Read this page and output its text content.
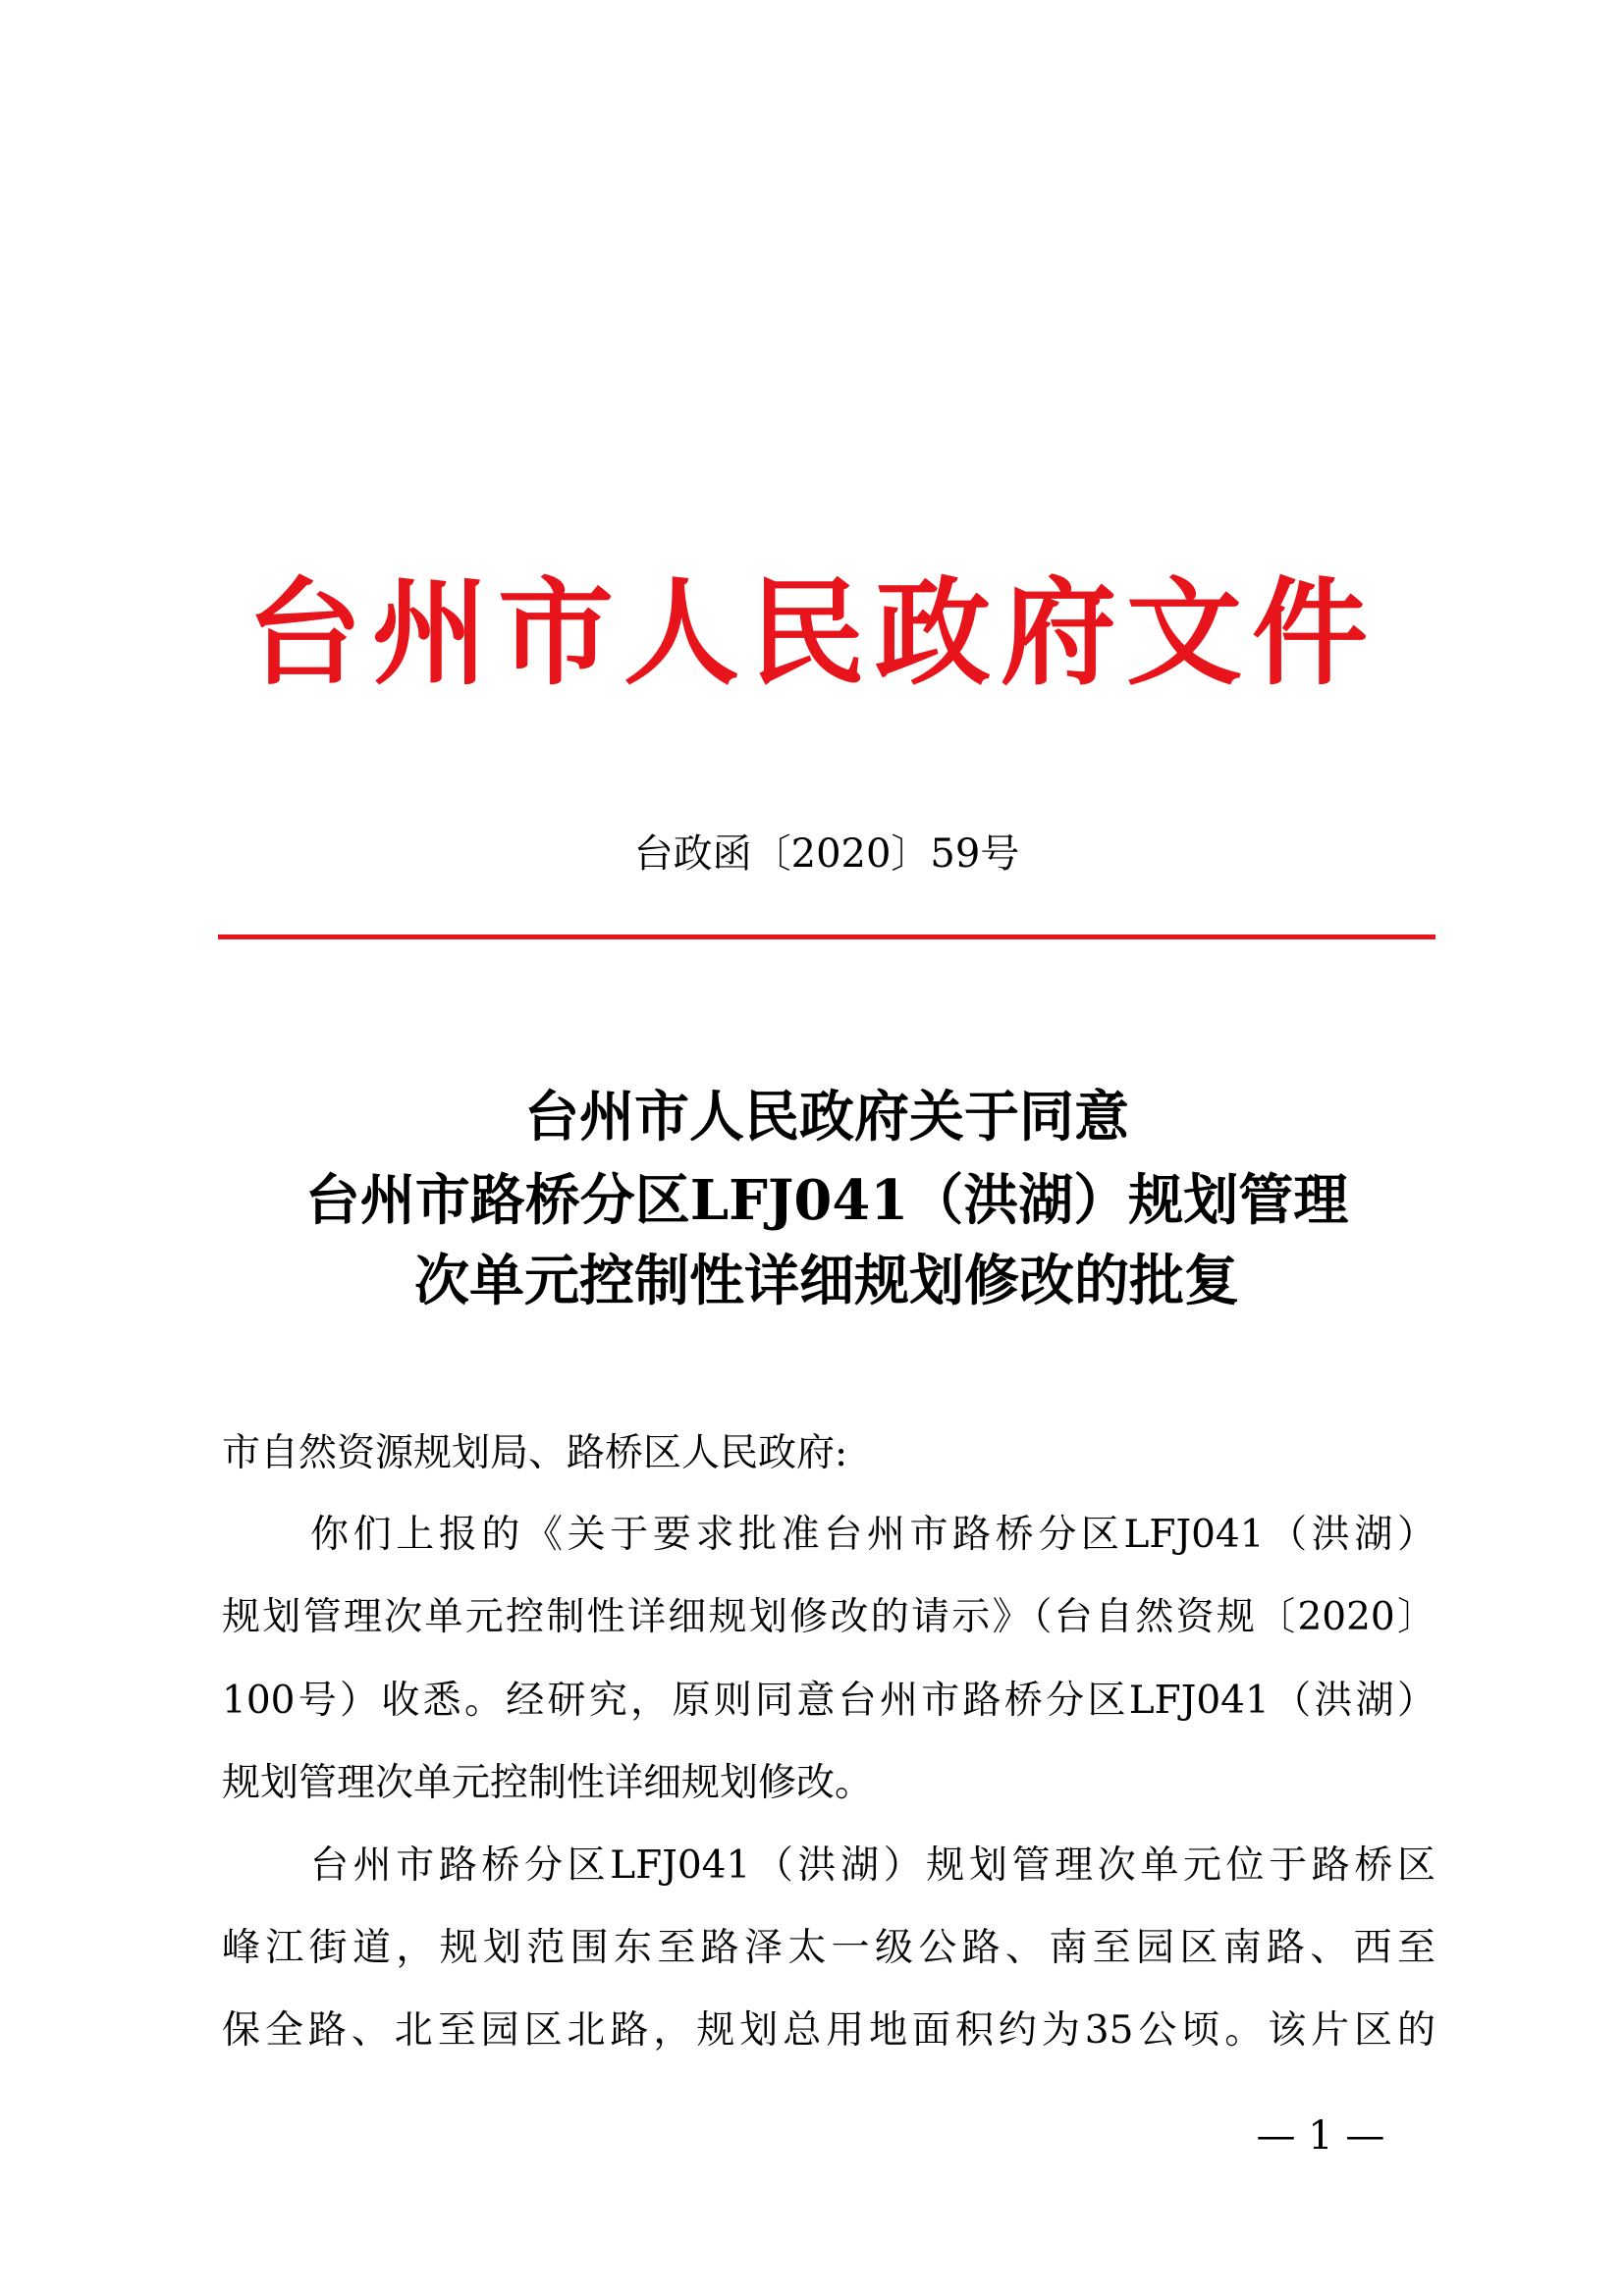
台州市人民政府文件
台政函〔2020〕59号
台州市人民政府关于同意
台州市路桥分区LFJ041（洪湖）规划管理
次单元控制性详细规划修改的批复
市自然资源规划局、路桥区人民政府:
你们上报的《关于要求批准台州市路桥分区LFJ041（洪湖）
规划管理次单元控制性详细规划修改的请示》（台自然资规〔2020〕
100号）收悉。经研究，原则同意台州市路桥分区LFJ041（洪湖）
规划管理次单元控制性详细规划修改。
台州市路桥分区LFJ041（洪湖）规划管理次单元位于路桥区
峰江街道，规划范围东至路泽太一级公路、南至园区南路、西至
保全路、北至园区北路，规划总用地面积约为35公顷。该片区的
— 1 —
